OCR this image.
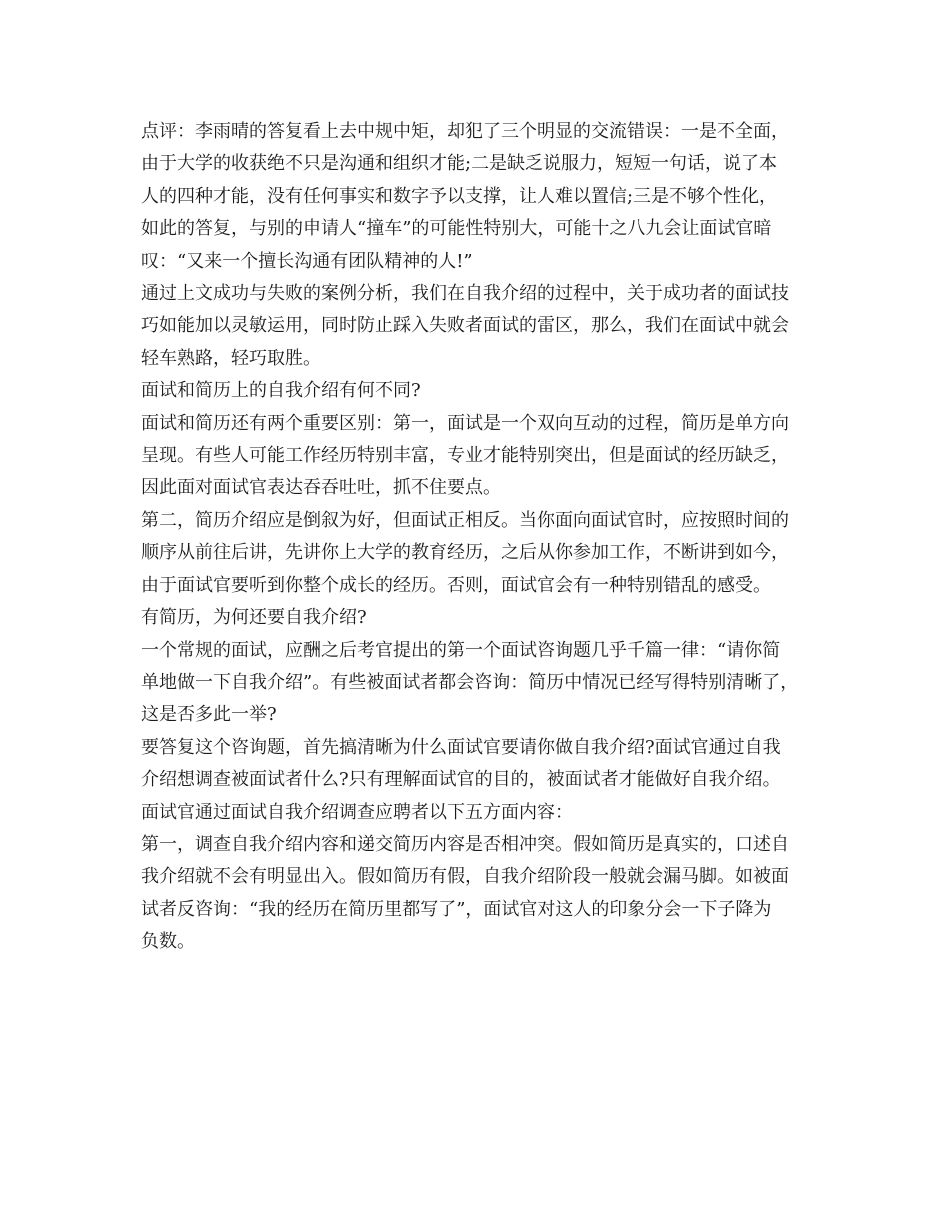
点评：李雨晴的答复看上去中规中矩，却犯了三个明显的交流错误：一是不全面，
由于大学的收获绝不只是沟通和组织才能;二是缺乏说服力，短短一句话，说了本
人的四种才能，没有任何事实和数字予以支撑，让人难以置信;三是不够个性化，
如此的答复，与别的申请人“撞车”的可能性特别大，可能十之八九会让面试官暗
叹：“又来一个擅长沟通有团队精神的人!”

通过上文成功与失败的案例分析，我们在自我介绍的过程中，关于成功者的面试技
巧如能加以灵敏运用，同时防止踩入失败者面试的雷区，那么，我们在面试中就会
轻车熟路，轻巧取胜。

面试和简历上的自我介绍有何不同?

面试和简历还有两个重要区别：第一，面试是一个双向互动的过程，简历是单方向
呈现。有些人可能工作经历特别丰富，专业才能特别突出，但是面试的经历缺乏，
因此面对面试官表达吞吞吐吐，抓不住要点。

第二，简历介绍应是倒叙为好，但面试正相反。当你面向面试官时，应按照时间的
顺序从前往后讲，先讲你上大学的教育经历，之后从你参加工作，不断讲到如今，
由于面试官要听到你整个成长的经历。否则，面试官会有一种特别错乱的感受。

有简历，为何还要自我介绍?

一个常规的面试，应酬之后考官提出的第一个面试咨询题几乎千篇一律：“请你简
单地做一下自我介绍”。有些被面试者都会咨询：简历中情况已经写得特别清晰了，
这是否多此一举?

要答复这个咨询题，首先搞清晰为什么面试官要请你做自我介绍?面试官通过自我
介绍想调查被面试者什么?只有理解面试官的目的，被面试者才能做好自我介绍。

面试官通过面试自我介绍调查应聘者以下五方面内容：

第一，调查自我介绍内容和递交简历内容是否相冲突。假如简历是真实的，口述自
我介绍就不会有明显出入。假如简历有假，自我介绍阶段一般就会漏马脚。如被面
试者反咨询：“我的经历在简历里都写了”，面试官对这人的印象分会一下子降为
负数。
